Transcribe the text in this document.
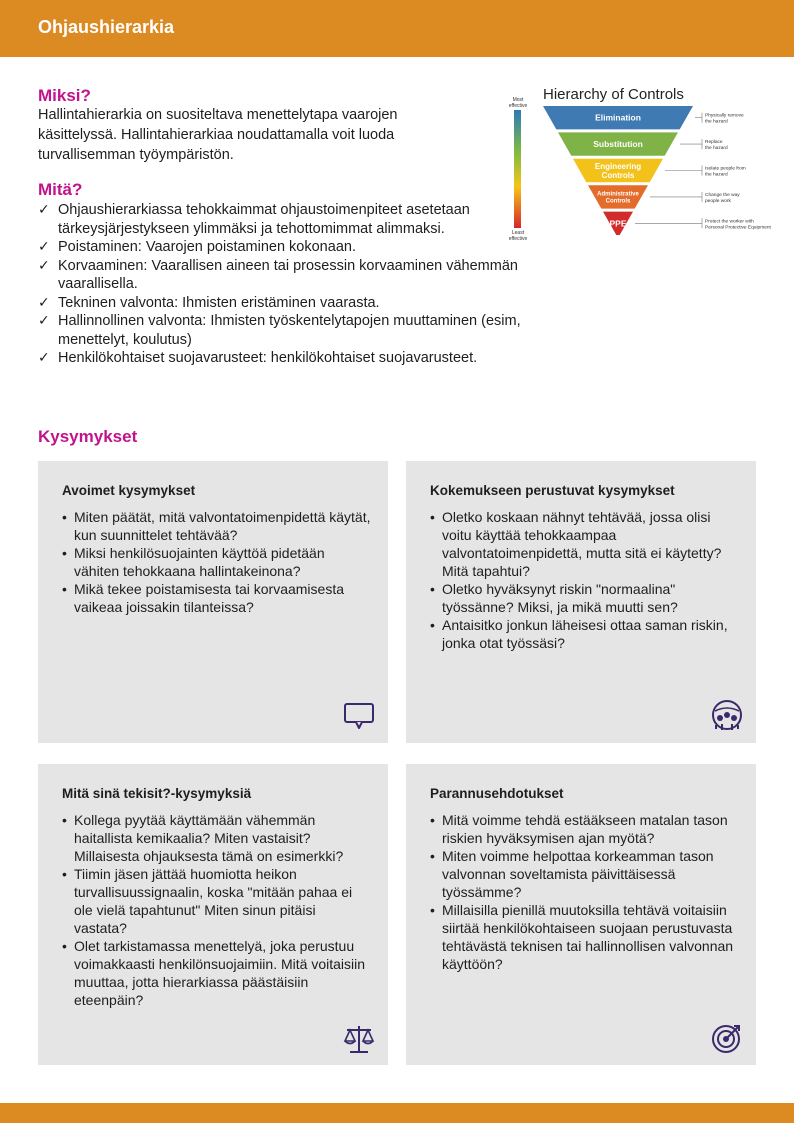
Ohjaushierarkia
Miksi?
Hallintahierarkia on suositeltava menettelytapa vaarojen käsittelyssä. Hallintahierarkiaa noudattamalla voit luoda turvallisemman työympäristön.
Mitä?
✓ Ohjaushierarkiassa tehokkaimmat ohjaustoimenpiteet asetetaan tärkeysjärjestykseen ylimmäksi ja tehottomimmat alimmaksi.
✓ Poistaminen: Vaarojen poistaminen kokonaan.
✓ Korvaaminen: Vaarallisen aineen tai prosessin korvaaminen vähemmän vaarallisella.
✓ Tekninen valvonta: Ihmisten eristäminen vaarasta.
✓ Hallinnollinen valvonta: Ihmisten työskentelytapojen muuttaminen (esim, menettelyt, koulutus)
✓ Henkilökohtaiset suojavarusteet: henkilökohtaiset suojavarusteet.
Hierarchy of Controls
Most
effective
Least
effective
Elimination	Physically remove
the hazard
Substitution	Replace
the hazard
Engineering
Controls
Isolate people from
the hazard
Administrative
Controls
Change the way
people work
PPE	Protect the worker with
Personal Protective Equipment
Kysymykset
Avoimet kysymykset
• Miten päätät, mitä valvontatoimenpidettä käytät, kun suunnittelet tehtävää?
• Miksi henkilösuojainten käyttöä pidetään vähiten tehokkaana hallintakeinona?
• Mikä tekee poistamisesta tai korvaamisesta vaikeaa joissakin tilanteissa?
Kokemukseen perustuvat kysymykset
• Oletko koskaan nähnyt tehtävää, jossa olisi voitu käyttää tehokkaampaa valvontatoimenpidettä, mutta sitä ei käytetty? Mitä tapahtui?
• Oletko hyväksynyt riskin "normaalina" työssänne? Miksi, ja mikä muutti sen?
• Antaisitko jonkun läheisesi ottaa saman riskin, jonka otat työssäsi?
Mitä sinä tekisit?-kysymyksiä
• Kollega pyytää käyttämään vähemmän haitallista kemikaalia? Miten vastaisit? Millaisesta ohjauksesta tämä on esimerkki?
• Tiimin jäsen jättää huomiotta heikon turvallisuussignaalin, koska "mitään pahaa ei ole vielä tapahtunut" Miten sinun pitäisi vastata?
• Olet tarkistamassa menettelyä, joka perustuu voimakkaasti henkilönsuojaimiin. Mitä voitaisiin muuttaa, jotta hierarkiassa päästäisiin eteenpäin?
Parannusehdotukset
• Mitä voimme tehdä estääkseen matalan tason riskien hyväksymisen ajan myötä?
• Miten voimme helpottaa korkeamman tason valvonnan soveltamista päivittäisessä työssämme?
• Millaisilla pienillä muutoksilla tehtävä voitaisiin siirtää henkilökohtaiseen suojaan perustuvasta tehtävästä teknisen tai hallinnollisen valvonnan käyttöön?
